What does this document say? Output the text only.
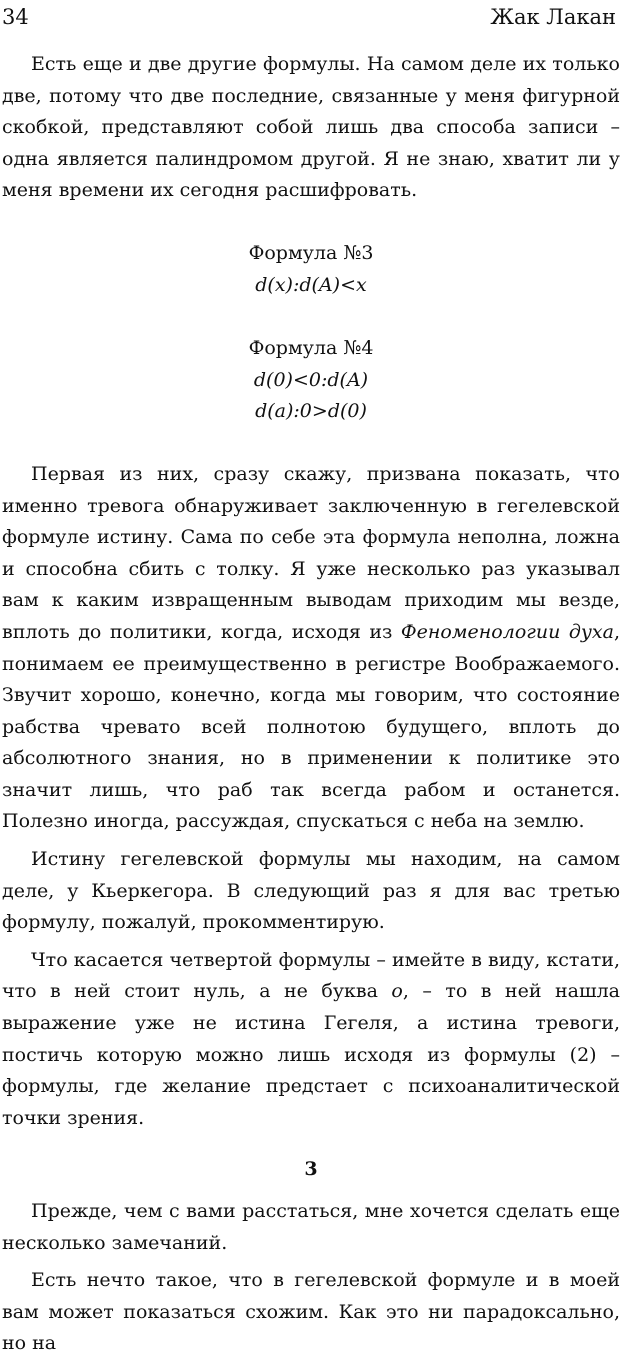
34	Жак Лакан

Есть еще и две другие формулы. На самом деле их только две, потому что две последние, связанные у меня фигурной скобкой, представляют собой лишь два способа записи – одна является палиндромом другой. Я не знаю, хватит ли у меня времени их сегодня расшифровать.

Формула №3
d(x):d(A)<x
Формула №4
d(0)<0:d(A)
d(a):0>d(0)

Первая из них, сразу скажу, призвана показать, что именно тревога обнаруживает заключенную в гегелевской формуле истину. Сама по себе эта формула неполна, ложна и способна сбить с толку. Я уже несколько раз указывал вам к каким извращенным выводам приходим мы везде, вплоть до политики, когда, исходя из Феноменологии духа, понимаем ее преимущественно в регистре Воображаемого. Звучит хорошо, конечно, когда мы говорим, что состояние рабства чревато всей полнотою будущего, вплоть до абсолютного знания, но в применении к политике это значит лишь, что раб так всегда рабом и останется. Полезно иногда, рассуждая, спускаться с неба на землю.

Истину гегелевской формулы мы находим, на самом деле, у Кьеркегора. В следующий раз я для вас третью формулу, пожалуй, прокомментирую.

Что касается четвертой формулы – имейте в виду, кстати, что в ней стоит нуль, а не буква o, – то в ней нашла выражение уже не истина Гегеля, а истина тревоги, постичь которую можно лишь исходя из формулы (2) – формулы, где желание предстает с психоаналитической точки зрения.

3

Прежде, чем с вами расстаться, мне хочется сделать еще несколько замечаний.

Есть нечто такое, что в гегелевской формуле и в моей вам может показаться схожим. Как это ни парадоксально, но на
